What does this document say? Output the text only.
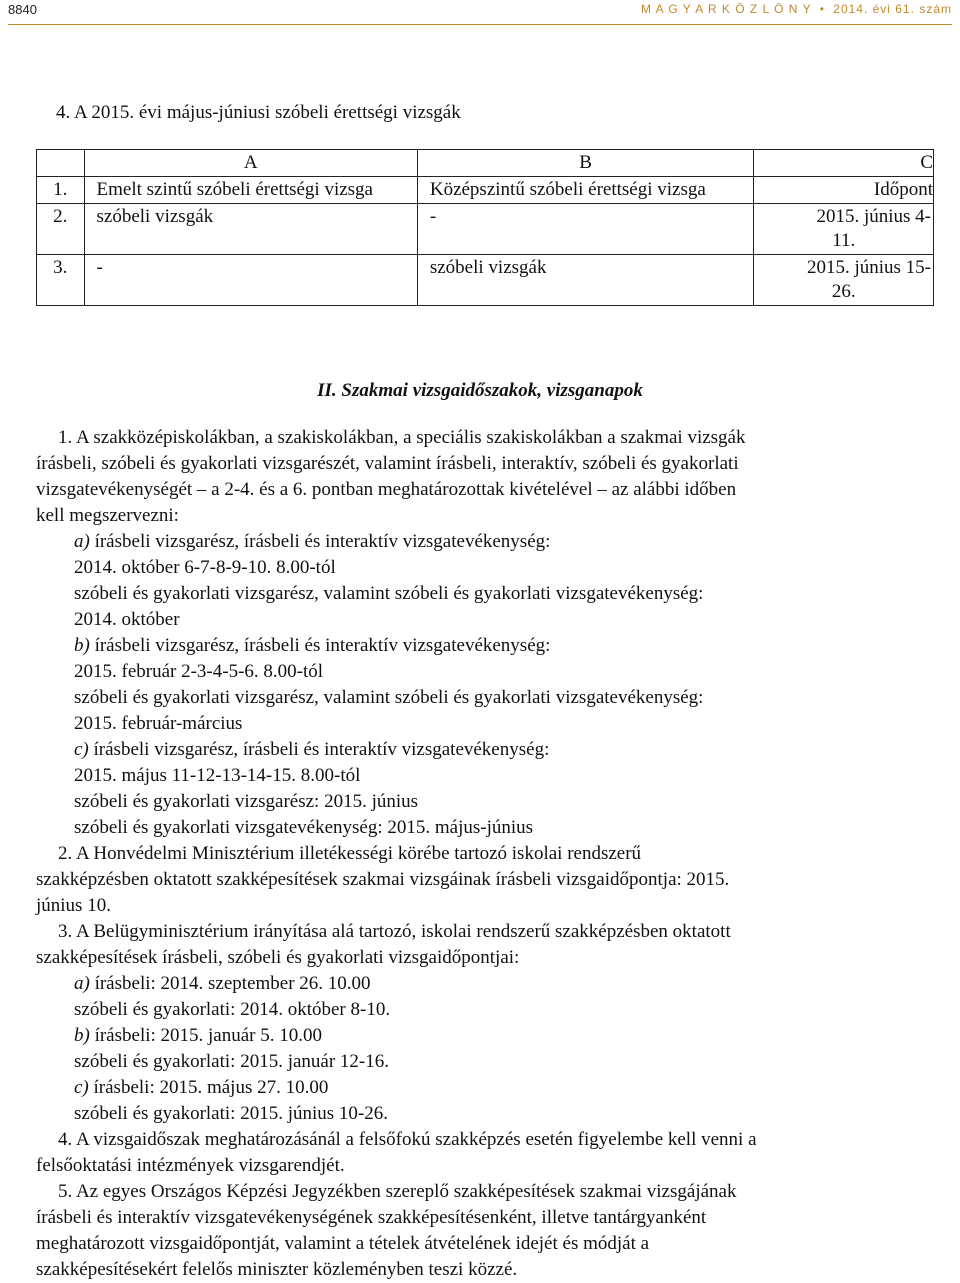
8840	M A G Y A R K Ö Z L Ö N Y • 2014. évi 61. szám
4. A 2015. évi május-júniusi szóbeli érettségi vizsgák
	A	B	C
1.	Emelt szintű szóbeli érettségi vizsga	Középszintű szóbeli érettségi vizsga	Időpont
2.	szóbeli vizsgák	-	2015. június 4-
11.

3.	-	szóbeli vizsgák	2015. június 15-
26.
II. Szakmai vizsgaidőszakok, vizsganapok

1. A szakközépiskolákban, a szakiskolákban, a speciális szakiskolákban a szakmai vizsgák

írásbeli, szóbeli és gyakorlati vizsgarészét, valamint írásbeli, interaktív, szóbeli és gyakorlati

vizsgatevékenységét – a 2-4. és a 6. pontban meghatározottak kivételével – az alábbi időben

kell megszervezni:

a) írásbeli vizsgarész, írásbeli és interaktív vizsgatevékenység:

2014. október 6-7-8-9-10. 8.00-tól

szóbeli és gyakorlati vizsgarész, valamint szóbeli és gyakorlati vizsgatevékenység:

2014. október

b) írásbeli vizsgarész, írásbeli és interaktív vizsgatevékenység:

2015. február 2-3-4-5-6. 8.00-tól

szóbeli és gyakorlati vizsgarész, valamint szóbeli és gyakorlati vizsgatevékenység:

2015. február-március

c) írásbeli vizsgarész, írásbeli és interaktív vizsgatevékenység:

2015. május 11-12-13-14-15. 8.00-tól

szóbeli és gyakorlati vizsgarész: 2015. június

szóbeli és gyakorlati vizsgatevékenység: 2015. május-június

2. A Honvédelmi Minisztérium illetékességi körébe tartozó iskolai rendszerű

szakképzésben oktatott szakképesítések szakmai vizsgáinak írásbeli vizsgaidőpontja: 2015.

június 10.

3. A Belügyminisztérium irányítása alá tartozó, iskolai rendszerű szakképzésben oktatott

szakképesítések írásbeli, szóbeli és gyakorlati vizsgaidőpontjai:

a) írásbeli: 2014. szeptember 26. 10.00

szóbeli és gyakorlati: 2014. október 8-10.

b) írásbeli: 2015. január 5. 10.00

szóbeli és gyakorlati: 2015. január 12-16.

c) írásbeli: 2015. május 27. 10.00

szóbeli és gyakorlati: 2015. június 10-26.

4. A vizsgaidőszak meghatározásánál a felsőfokú szakképzés esetén figyelembe kell venni a

felsőoktatási intézmények vizsgarendjét.

5. Az egyes Országos Képzési Jegyzékben szereplő szakképesítések szakmai vizsgájának

írásbeli és interaktív vizsgatevékenységének szakképesítésenként, illetve tantárgyanként

meghatározott vizsgaidőpontját, valamint a tételek átvételének idejét és módját a

szakképesítésekért felelős miniszter közleményben teszi közzé.
